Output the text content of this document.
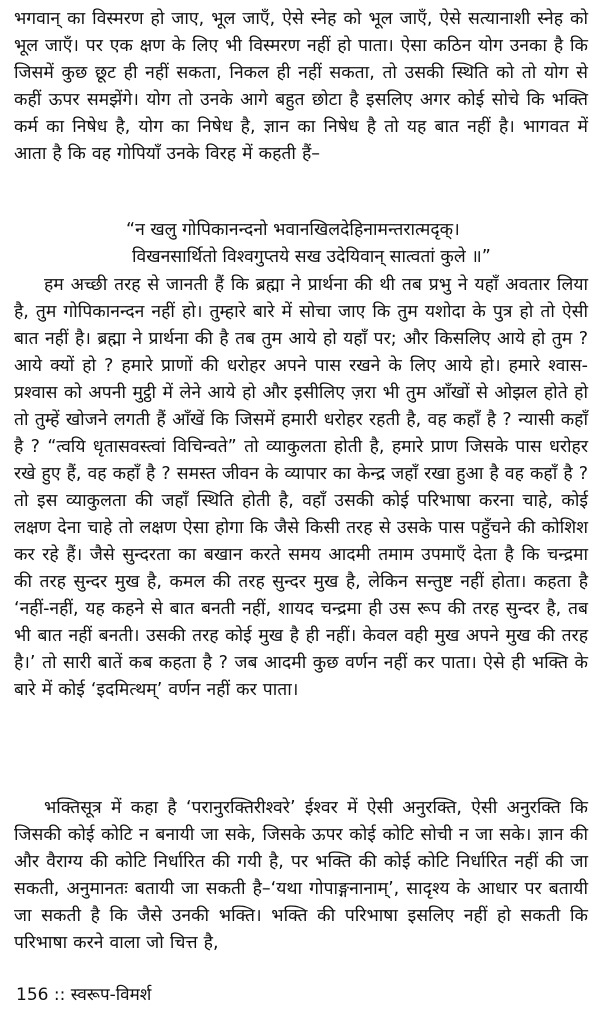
भगवान् का विस्मरण हो जाए, भूल जाएँ, ऐसे स्नेह को भूल जाएँ, ऐसे सत्यानाशी स्नेह को भूल जाएँ। पर एक क्षण के लिए भी विस्मरण नहीं हो पाता। ऐसा कठिन योग उनका है कि जिसमें कुछ छूट ही नहीं सकता, निकल ही नहीं सकता, तो उसकी स्थिति को तो योग से कहीं ऊपर समझेंगे। योग तो उनके आगे बहुत छोटा है इसलिए अगर कोई सोचे कि भक्ति कर्म का निषेध है, योग का निषेध है, ज्ञान का निषेध है तो यह बात नहीं है। भागवत में आता है कि वह गोपियाँ उनके विरह में कहती हैं–

“न खलु गोपिकानन्दनो भवानखिलदेहिनामन्तरात्मदृक्।
विखनसार्थितो विश्वगुप्तये सख उदेयिवान् सात्वतां कुले ॥”

हम अच्छी तरह से जानती हैं कि ब्रह्मा ने प्रार्थना की थी तब प्रभु ने यहाँ अवतार लिया है, तुम गोपिकानन्दन नहीं हो। तुम्हारे बारे में सोचा जाए कि तुम यशोदा के पुत्र हो तो ऐसी बात नहीं है। ब्रह्मा ने प्रार्थना की है तब तुम आये हो यहाँ पर; और किसलिए आये हो तुम ? आये क्यों हो ? हमारे प्राणों की धरोहर अपने पास रखने के लिए आये हो। हमारे श्वास-प्रश्वास को अपनी मुट्ठी में लेने आये हो और इसीलिए ज़रा भी तुम आँखों से ओझल होते हो तो तुम्हें खोजने लगती हैं आँखें कि जिसमें हमारी धरोहर रहती है, वह कहाँ है ? न्यासी कहाँ है ? “त्वयि धृतासवस्त्वां विचिन्वते” तो व्याकुलता होती है, हमारे प्राण जिसके पास धरोहर रखे हुए हैं, वह कहाँ है ? समस्त जीवन के व्यापार का केन्द्र जहाँ रखा हुआ है वह कहाँ है ? तो इस व्याकुलता की जहाँ स्थिति होती है, वहाँ उसकी कोई परिभाषा करना चाहे, कोई लक्षण देना चाहे तो लक्षण ऐसा होगा कि जैसे किसी तरह से उसके पास पहुँचने की कोशिश कर रहे हैं। जैसे सुन्दरता का बखान करते समय आदमी तमाम उपमाएँ देता है कि चन्द्रमा की तरह सुन्दर मुख है, कमल की तरह सुन्दर मुख है, लेकिन सन्तुष्ट नहीं होता। कहता है ‘नहीं-नहीं, यह कहने से बात बनती नहीं, शायद चन्द्रमा ही उस रूप की तरह सुन्दर है, तब भी बात नहीं बनती। उसकी तरह कोई मुख है ही नहीं। केवल वही मुख अपने मुख की तरह है।’ तो सारी बातें कब कहता है ? जब आदमी कुछ वर्णन नहीं कर पाता। ऐसे ही भक्ति के बारे में कोई ‘इदमित्थम्’ वर्णन नहीं कर पाता।

भक्तिसूत्र में कहा है ‘परानुरक्तिरीश्वरे’ ईश्वर में ऐसी अनुरक्ति, ऐसी अनुरक्ति कि जिसकी कोई कोटि न बनायी जा सके, जिसके ऊपर कोई कोटि सोची न जा सके। ज्ञान की और वैराग्य की कोटि निर्धारित की गयी है, पर भक्ति की कोई कोटि निर्धारित नहीं की जा सकती, अनुमानतः बतायी जा सकती है–‘यथा गोपाङ्गनानाम्’, सादृश्य के आधार पर बतायी जा सकती है कि जैसे उनकी भक्ति। भक्ति की परिभाषा इसलिए नहीं हो सकती कि परिभाषा करने वाला जो चित्त है,

156 :: स्वरूप-विमर्श
